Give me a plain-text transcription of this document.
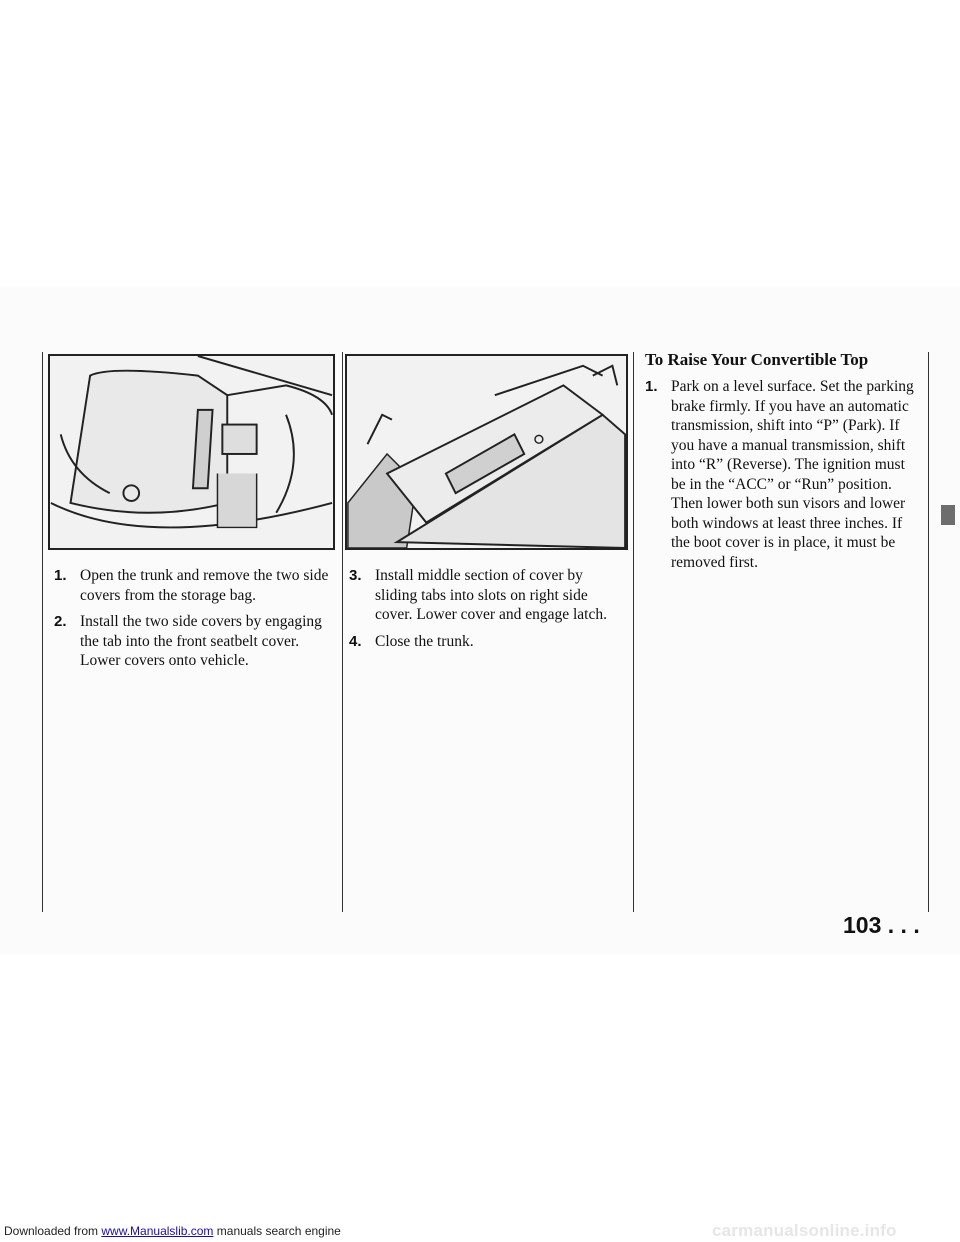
1. Open the trunk and remove the two side covers from the storage bag.
2. Install the two side covers by engaging the tab into the front seatbelt cover. Lower covers onto vehicle.
3. Install middle section of cover by sliding tabs into slots on right side cover. Lower cover and engage latch.
4. Close the trunk.
To Raise Your Convertible Top
1. Park on a level surface. Set the parking brake firmly. If you have an automatic transmission, shift into “P” (Park). If you have a manual transmission, shift into “R” (Reverse). The ignition must be in the “ACC” or “Run” position. Then lower both sun visors and lower both windows at least three inches. If the boot cover is in place, it must be removed first.
103 . . .
Downloaded from www.Manualslib.com manuals search engine	carmanualsonline.info
